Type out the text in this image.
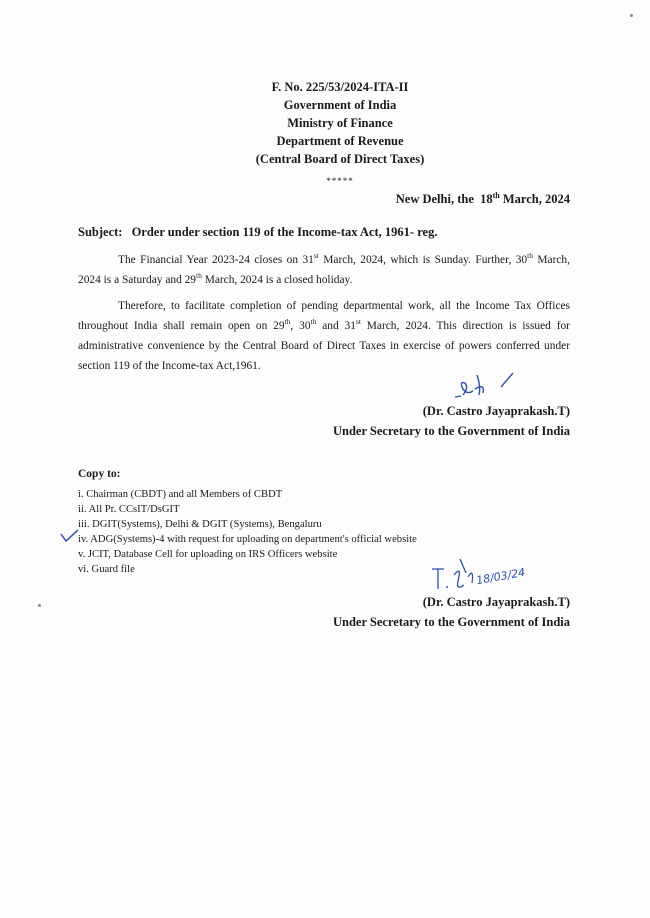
F. No. 225/53/2024-ITA-II
Government of India
Ministry of Finance
Department of Revenue
(Central Board of Direct Taxes)
*****
New Delhi, the 18th March, 2024
Subject: Order under section 119 of the Income-tax Act, 1961- reg.
The Financial Year 2023-24 closes on 31st March, 2024, which is Sunday. Further, 30th March, 2024 is a Saturday and 29th March, 2024 is a closed holiday.
Therefore, to facilitate completion of pending departmental work, all the Income Tax Offices throughout India shall remain open on 29th, 30th and 31st March, 2024. This direction is issued for administrative convenience by the Central Board of Direct Taxes in exercise of powers conferred under section 119 of the Income-tax Act,1961.
(Dr. Castro Jayaprakash.T)
Under Secretary to the Government of India
Copy to:
i. Chairman (CBDT) and all Members of CBDT
ii. All Pr. CCsIT/DsGIT
iii. DGIT(Systems), Delhi & DGIT (Systems), Bengaluru
iv. ADG(Systems)-4 with request for uploading on department's official website
v. JCIT, Database Cell for uploading on IRS Officers website
vi. Guard file	18/03/24
(Dr. Castro Jayaprakash.T)
Under Secretary to the Government of India
